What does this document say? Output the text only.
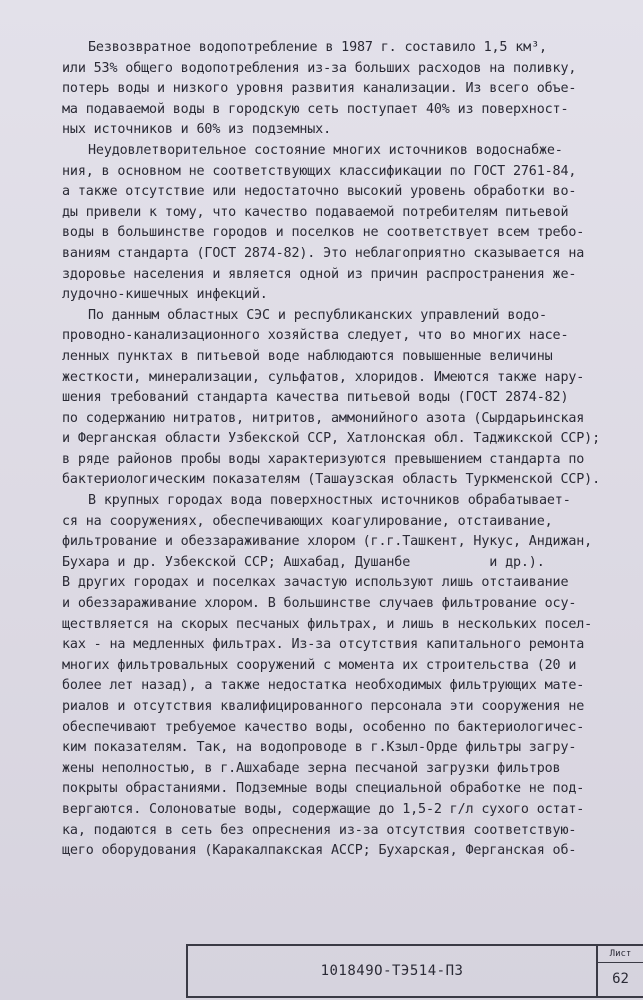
Безвозвратное водопотребление в 1987 г. составило 1,5 км³,
или 53% общего водопотребления из-за больших расходов на поливку,
потерь воды и низкого уровня развития канализации. Из всего объе-
ма подаваемой воды в городскую сеть поступает 40% из поверхност-
ных источников и 60% из подземных.
Неудовлетворительное состояние многих источников водоснабже-
ния, в основном не соответствующих классификации по ГОСТ 2761-84,
а также отсутствие или недостаточно высокий уровень обработки во-
ды привели к тому, что качество подаваемой потребителям питьевой
воды в большинстве городов и поселков не соответствует всем требо-
ваниям стандарта (ГОСТ 2874-82). Это неблагоприятно сказывается на
здоровье населения и является одной из причин распространения же-
лудочно-кишечных инфекций.
По данным областных СЭС и республиканских управлений водо-
проводно-канализационного хозяйства следует, что во многих насе-
ленных пунктах в питьевой воде наблюдаются повышенные величины
жесткости, минерализации, сульфатов, хлоридов. Имеются также нару-
шения требований стандарта качества питьевой воды (ГОСТ 2874-82)
по содержанию нитратов, нитритов, аммонийного азота (Сырдарьинская
и Ферганская области Узбекской ССР, Хатлонская обл. Таджикской ССР);
в ряде районов пробы воды характеризуются превышением стандарта по
бактериологическим показателям (Ташаузская область Туркменской ССР).
В крупных городах вода поверхностных источников обрабатывает-
ся на сооружениях, обеспечивающих коагулирование, отстаивание,
фильтрование и обеззараживание хлором (г.г.Ташкент, Нукус, Андижан,
Бухара и др. Узбекской ССР; Ашхабад, Душанбе          и др.).
В других городах и поселках зачастую используют лишь отстаивание
и обеззараживание хлором. В большинстве случаев фильтрование осу-
ществляется на скорых песчаных фильтрах, и лишь в нескольких посел-
ках - на медленных фильтрах. Из-за отсутствия капитального ремонта
многих фильтровальных сооружений с момента их строительства (20 и
более лет назад), а также недостатка необходимых фильтрующих мате-
риалов и отсутствия квалифицированного персонала эти сооружения не
обеспечивают требуемое качество воды, особенно по бактериологичес-
ким показателям. Так, на водопроводе в г.Кзыл-Орде фильтры загру-
жены неполностью, в г.Ашхабаде зерна песчаной загрузки фильтров
покрыты обрастаниями. Подземные воды специальной обработке не под-
вергаются. Солоноватые воды, содержащие до 1,5-2 г/л сухого остат-
ка, подаются в сеть без опреснения из-за отсутствия соответствую-
щего оборудования (Каракалпакская АССР; Бухарская, Ферганская об-
101849О-ТЭ514-ПЗ
Лист
62
